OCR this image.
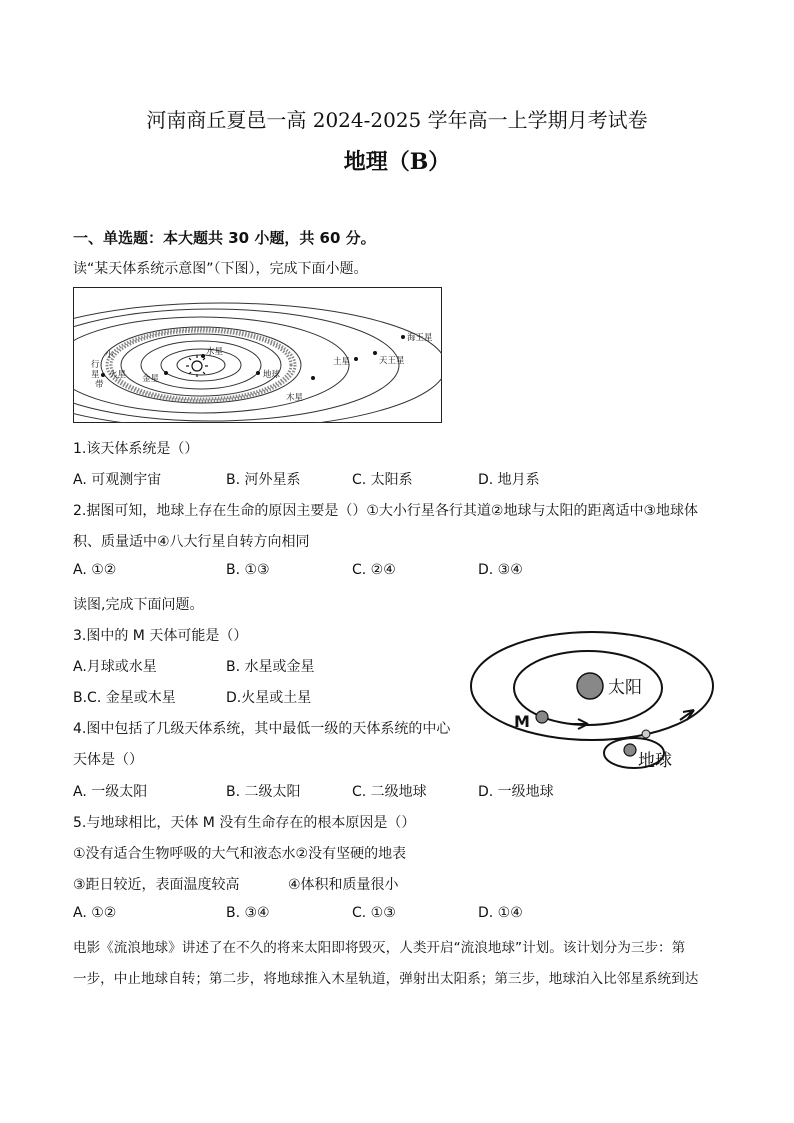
河南商丘夏邑一高 2024-2025 学年高一上学期月考试卷
地理（B）
一、单选题：本大题共 30 小题，共 60 分。
读“某天体系统示意图”（下图），完成下面小题。
水星
金星
火星	地球
木星
土星	天王星
海王星
小
行
星
带
1.该天体系统是（）
A. 可观测宇宙	B. 河外星系	C. 太阳系	D. 地月系
2.据图可知，地球上存在生命的原因主要是（）①大小行星各行其道②地球与太阳的距离适中③地球体
积、质量适中④八大行星自转方向相同
A. ①②	B. ①③	C. ②④	D. ③④
读图,完成下面问题。
3.图中的 M 天体可能是（）
A.月球或水星	B. 水星或金星
B.C. 金星或木星	D.火星或土星
4.图中包括了几级天体系统，其中最低一级的天体系统的中心
天体是（）
A. 一级太阳	B. 二级太阳	C. 二级地球	D. 一级地球
太阳
M
地球
5.与地球相比，天体 M 没有生命存在的根本原因是（）
①没有适合生物呼吸的大气和液态水②没有坚硬的地表
③距日较近，表面温度较高	④体积和质量很小
A. ①②	B. ③④	C. ①③	D. ①④
电影《流浪地球》讲述了在不久的将来太阳即将毁灭，人类开启“流浪地球”计划。该计划分为三步：第
一步，中止地球自转；第二步，将地球推入木星轨道，弹射出太阳系；第三步，地球泊入比邻星系统到达
